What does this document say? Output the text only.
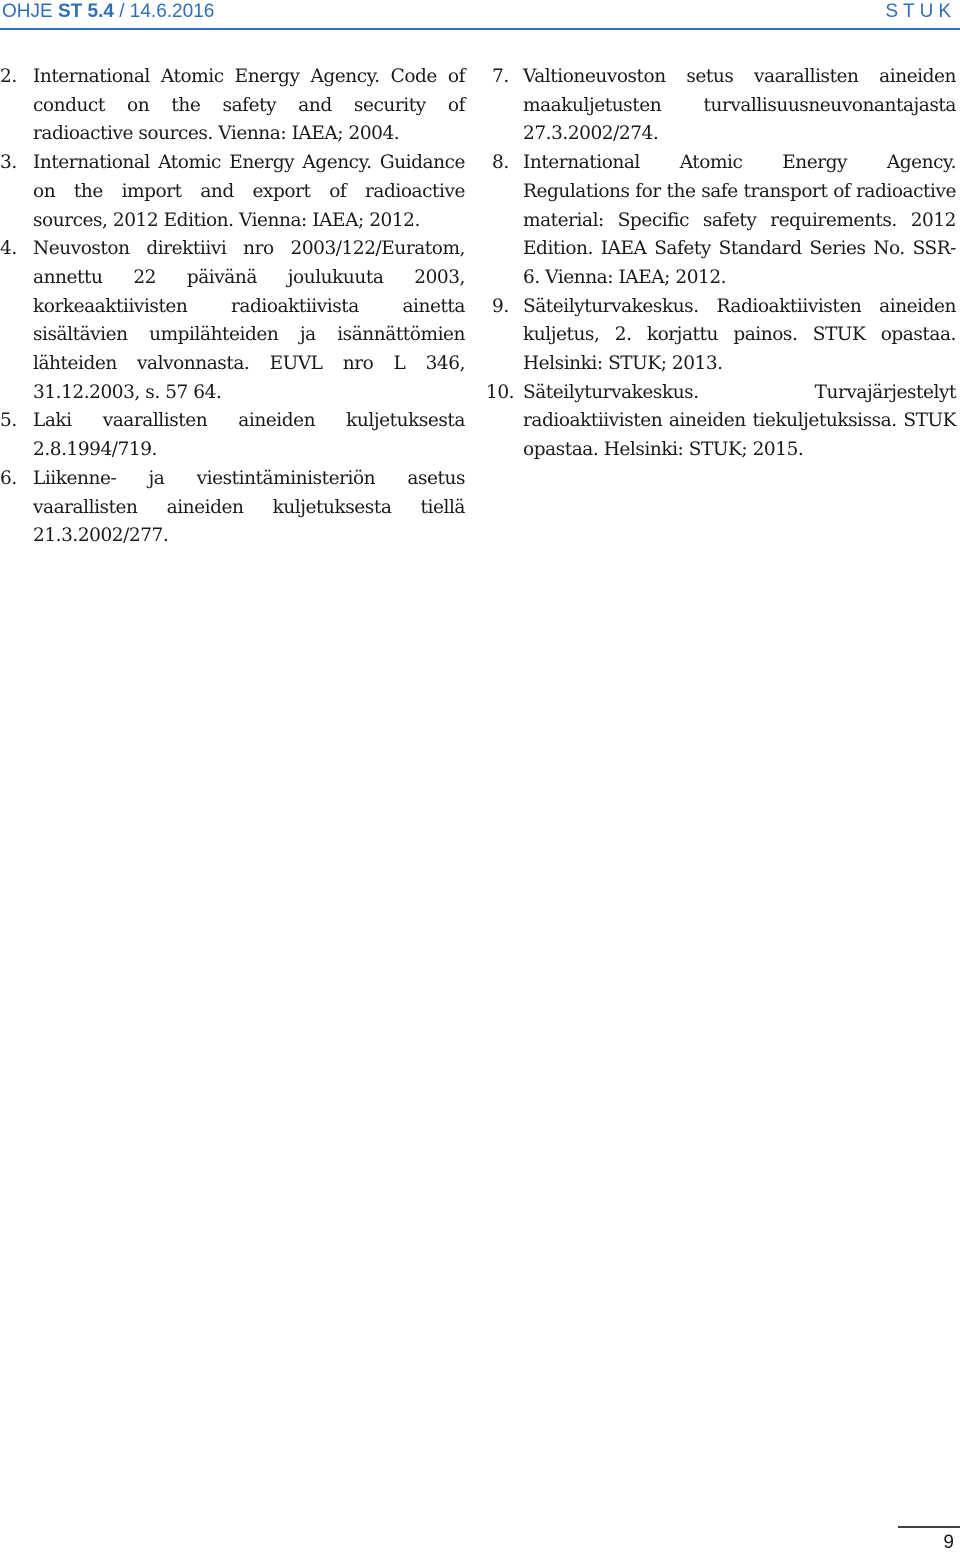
OHJE ST 5.4 / 14.6.2016	STUK
2. International Atomic Energy Agency. Code of conduct on the safety and security of radioactive sources. Vienna: IAEA; 2004.
3. International Atomic Energy Agency. Guidance on the import and export of radioactive sources, 2012 Edition. Vienna: IAEA; 2012.
4. Neuvoston direktiivi nro 2003/122/Euratom, annettu 22 päivänä joulukuuta 2003, korkeaaktiivisten radioaktiivista ainetta sisältävien umpilähteiden ja isännättömien lähteiden valvonnasta. EUVL nro L 346, 31.12.2003, s. 57 64.
5. Laki vaarallisten aineiden kuljetuksesta 2.8.1994/719.
6. Liikenne- ja viestintäministeriön asetus vaarallisten aineiden kuljetuksesta tiellä 21.3.2002/277.
7. Valtioneuvoston setus vaarallisten aineiden maakuljetusten turvallisuusneuvonantajasta 27.3.2002/274.
8. International Atomic Energy Agency. Regulations for the safe transport of radioactive material: Specific safety requirements. 2012 Edition. IAEA Safety Standard Series No. SSR-6. Vienna: IAEA; 2012.
9. Säteilyturvakeskus. Radioaktiivisten aineiden kuljetus, 2. korjattu painos. STUK opastaa. Helsinki: STUK; 2013.
10. Säteilyturvakeskus. Turvajärjestelyt radioaktiivisten aineiden tiekuljetuksissa. STUK opastaa. Helsinki: STUK; 2015.
9
